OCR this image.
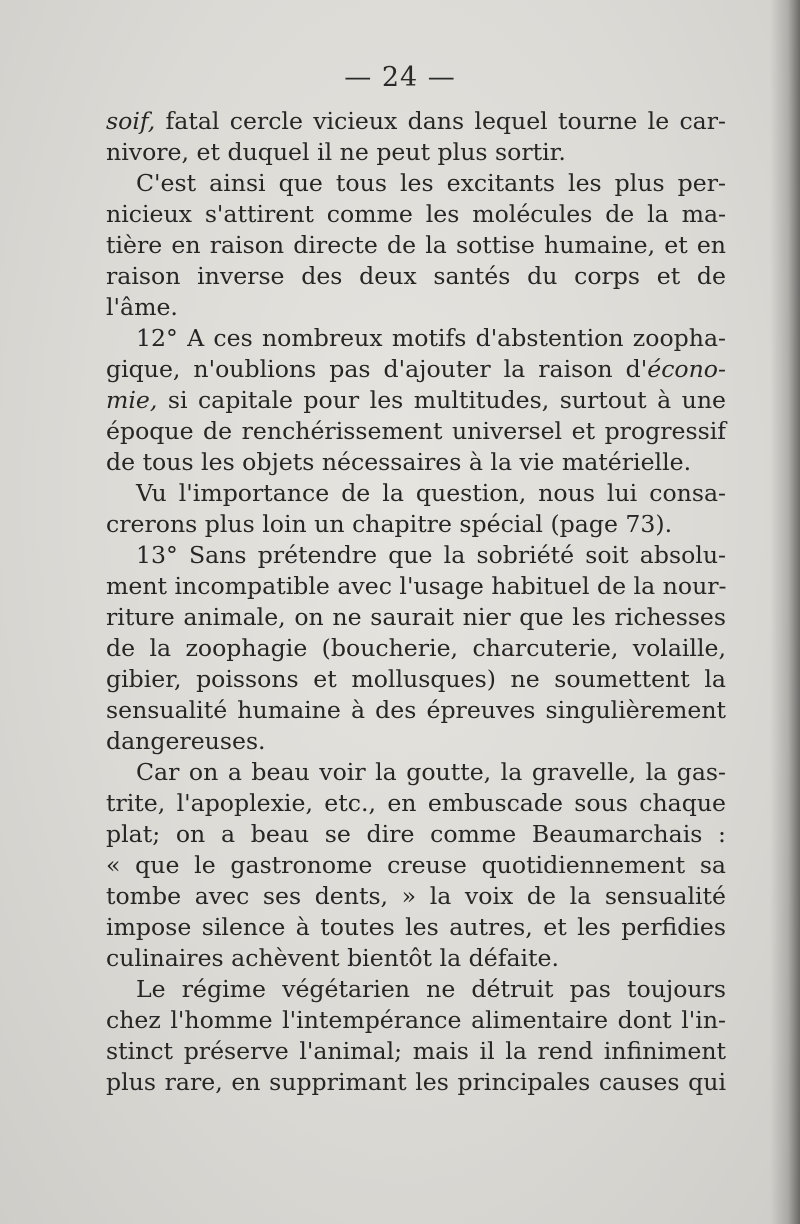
— 24 —
soif, fatal cercle vicieux dans lequel tourne le car-
nivore, et duquel il ne peut plus sortir.
C'est ainsi que tous les excitants les plus per-
nicieux s'attirent comme les molécules de la ma-
tière en raison directe de la sottise humaine, et en
raison inverse des deux santés du corps et de
l'âme.
12° A ces nombreux motifs d'abstention zoopha-
gique, n'oublions pas d'ajouter la raison d'écono-
mie, si capitale pour les multitudes, surtout à une
époque de renchérissement universel et progressif
de tous les objets nécessaires à la vie matérielle.
Vu l'importance de la question, nous lui consa-
crerons plus loin un chapitre spécial (page 73).
13° Sans prétendre que la sobriété soit absolu-
ment incompatible avec l'usage habituel de la nour-
riture animale, on ne saurait nier que les richesses
de la zoophagie (boucherie, charcuterie, volaille,
gibier, poissons et mollusques) ne soumettent la
sensualité humaine à des épreuves singulièrement
dangereuses.
Car on a beau voir la goutte, la gravelle, la gas-
trite, l'apoplexie, etc., en embuscade sous chaque
plat; on a beau se dire comme Beaumarchais :
« que le gastronome creuse quotidiennement sa
tombe avec ses dents, » la voix de la sensualité
impose silence à toutes les autres, et les perfidies
culinaires achèvent bientôt la défaite.
Le régime végétarien ne détruit pas toujours
chez l'homme l'intempérance alimentaire dont l'in-
stinct préserve l'animal; mais il la rend infiniment
plus rare, en supprimant les principales causes qui
